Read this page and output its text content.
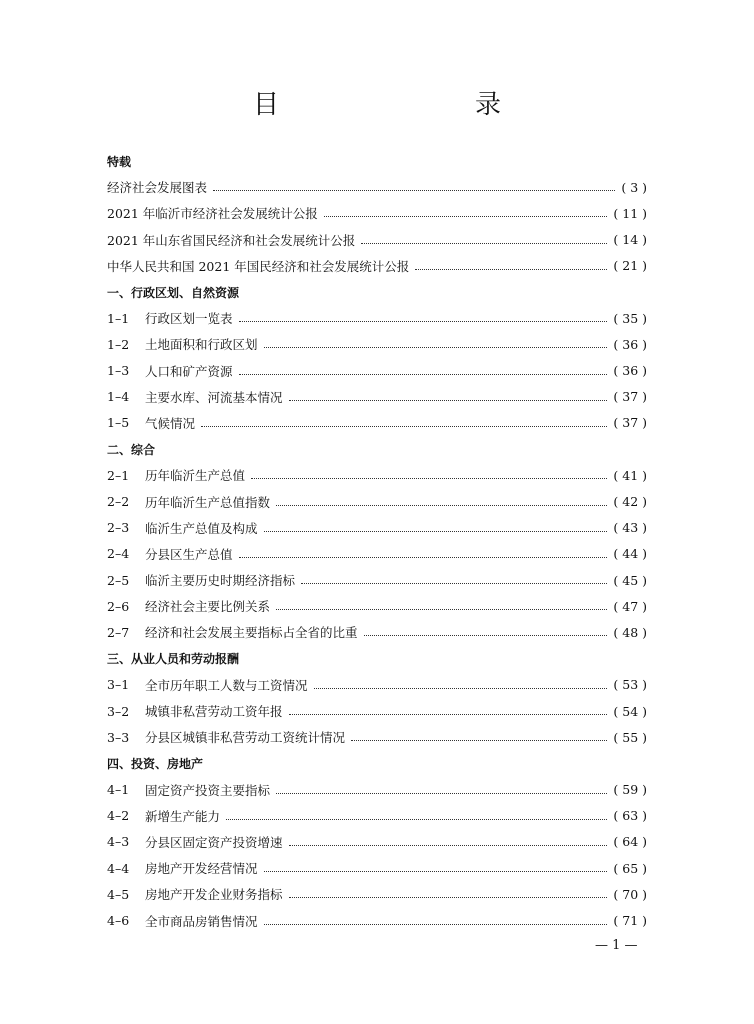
目　　录
特载
经济社会发展图表	( 3 )
2021 年临沂市经济社会发展统计公报	( 11 )
2021 年山东省国民经济和社会发展统计公报	( 14 )
中华人民共和国 2021 年国民经济和社会发展统计公报	( 21 )
一、行政区划、自然资源
1–1	行政区划一览表	( 35 )
1–2	土地面积和行政区划	( 36 )
1–3	人口和矿产资源	( 36 )
1–4	主要水库、河流基本情况	( 37 )
1–5	气候情况	( 37 )
二、综合
2–1	历年临沂生产总值	( 41 )
2–2	历年临沂生产总值指数	( 42 )
2–3	临沂生产总值及构成	( 43 )
2–4	分县区生产总值	( 44 )
2–5	临沂主要历史时期经济指标	( 45 )
2–6	经济社会主要比例关系	( 47 )
2–7	经济和社会发展主要指标占全省的比重	( 48 )
三、从业人员和劳动报酬
3–1	全市历年职工人数与工资情况	( 53 )
3–2	城镇非私营劳动工资年报	( 54 )
3–3	分县区城镇非私营劳动工资统计情况	( 55 )
四、投资、房地产
4–1	固定资产投资主要指标	( 59 )
4–2	新增生产能力	( 63 )
4–3	分县区固定资产投资增速	( 64 )
4–4	房地产开发经营情况	( 65 )
4–5	房地产开发企业财务指标	( 70 )
4–6	全市商品房销售情况	( 71 )
— 1 —
